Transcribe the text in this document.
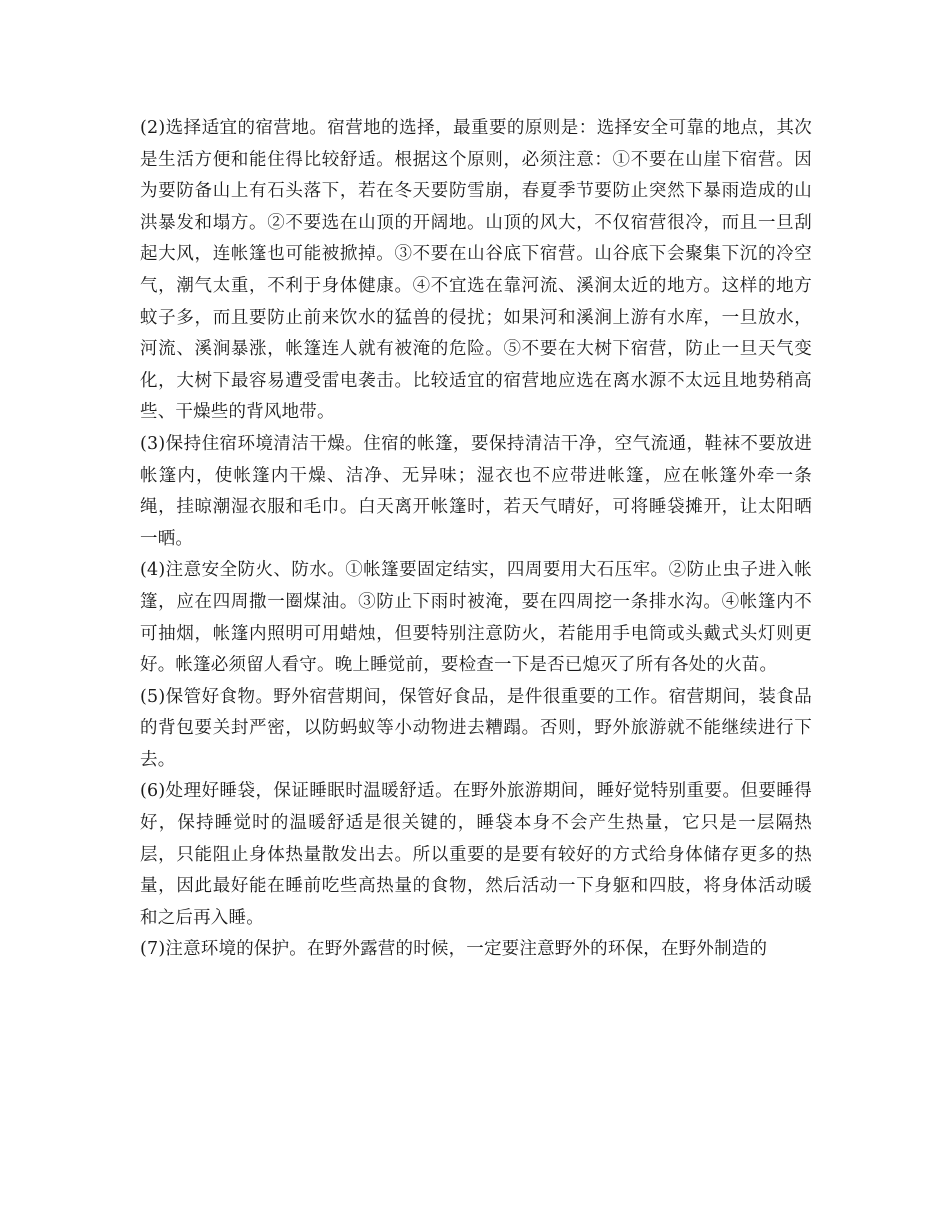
(2)选择适宜的宿营地。宿营地的选择，最重要的原则是：选择安全可靠的地点，其次是生活方便和能住得比较舒适。根据这个原则，必须注意：①不要在山崖下宿营。因为要防备山上有石头落下，若在冬天要防雪崩，春夏季节要防止突然下暴雨造成的山洪暴发和塌方。②不要选在山顶的开阔地。山顶的风大，不仅宿营很冷，而且一旦刮起大风，连帐篷也可能被掀掉。③不要在山谷底下宿营。山谷底下会聚集下沉的冷空气，潮气太重，不利于身体健康。④不宜选在靠河流、溪涧太近的地方。这样的地方蚊子多，而且要防止前来饮水的猛兽的侵扰；如果河和溪涧上游有水库，一旦放水，河流、溪涧暴涨，帐篷连人就有被淹的危险。⑤不要在大树下宿营，防止一旦天气变化，大树下最容易遭受雷电袭击。比较适宜的宿营地应选在离水源不太远且地势稍高些、干燥些的背风地带。

(3)保持住宿环境清洁干燥。住宿的帐篷，要保持清洁干净，空气流通，鞋袜不要放进帐篷内，使帐篷内干燥、洁净、无异味；湿衣也不应带进帐篷，应在帐篷外牵一条绳，挂晾潮湿衣服和毛巾。白天离开帐篷时，若天气晴好，可将睡袋摊开，让太阳晒一晒。

(4)注意安全防火、防水。①帐篷要固定结实，四周要用大石压牢。②防止虫子进入帐篷，应在四周撒一圈煤油。③防止下雨时被淹，要在四周挖一条排水沟。④帐篷内不可抽烟，帐篷内照明可用蜡烛，但要特别注意防火，若能用手电筒或头戴式头灯则更好。帐篷必须留人看守。晚上睡觉前，要检查一下是否已熄灭了所有各处的火苗。

(5)保管好食物。野外宿营期间，保管好食品，是件很重要的工作。宿营期间，装食品的背包要关封严密，以防蚂蚁等小动物进去糟蹋。否则，野外旅游就不能继续进行下去。

(6)处理好睡袋，保证睡眠时温暖舒适。在野外旅游期间，睡好觉特别重要。但要睡得好，保持睡觉时的温暖舒适是很关键的，睡袋本身不会产生热量，它只是一层隔热层，只能阻止身体热量散发出去。所以重要的是要有较好的方式给身体储存更多的热量，因此最好能在睡前吃些高热量的食物，然后活动一下身躯和四肢，将身体活动暖和之后再入睡。

(7)注意环境的保护。在野外露营的时候，一定要注意野外的环保，在野外制造的
